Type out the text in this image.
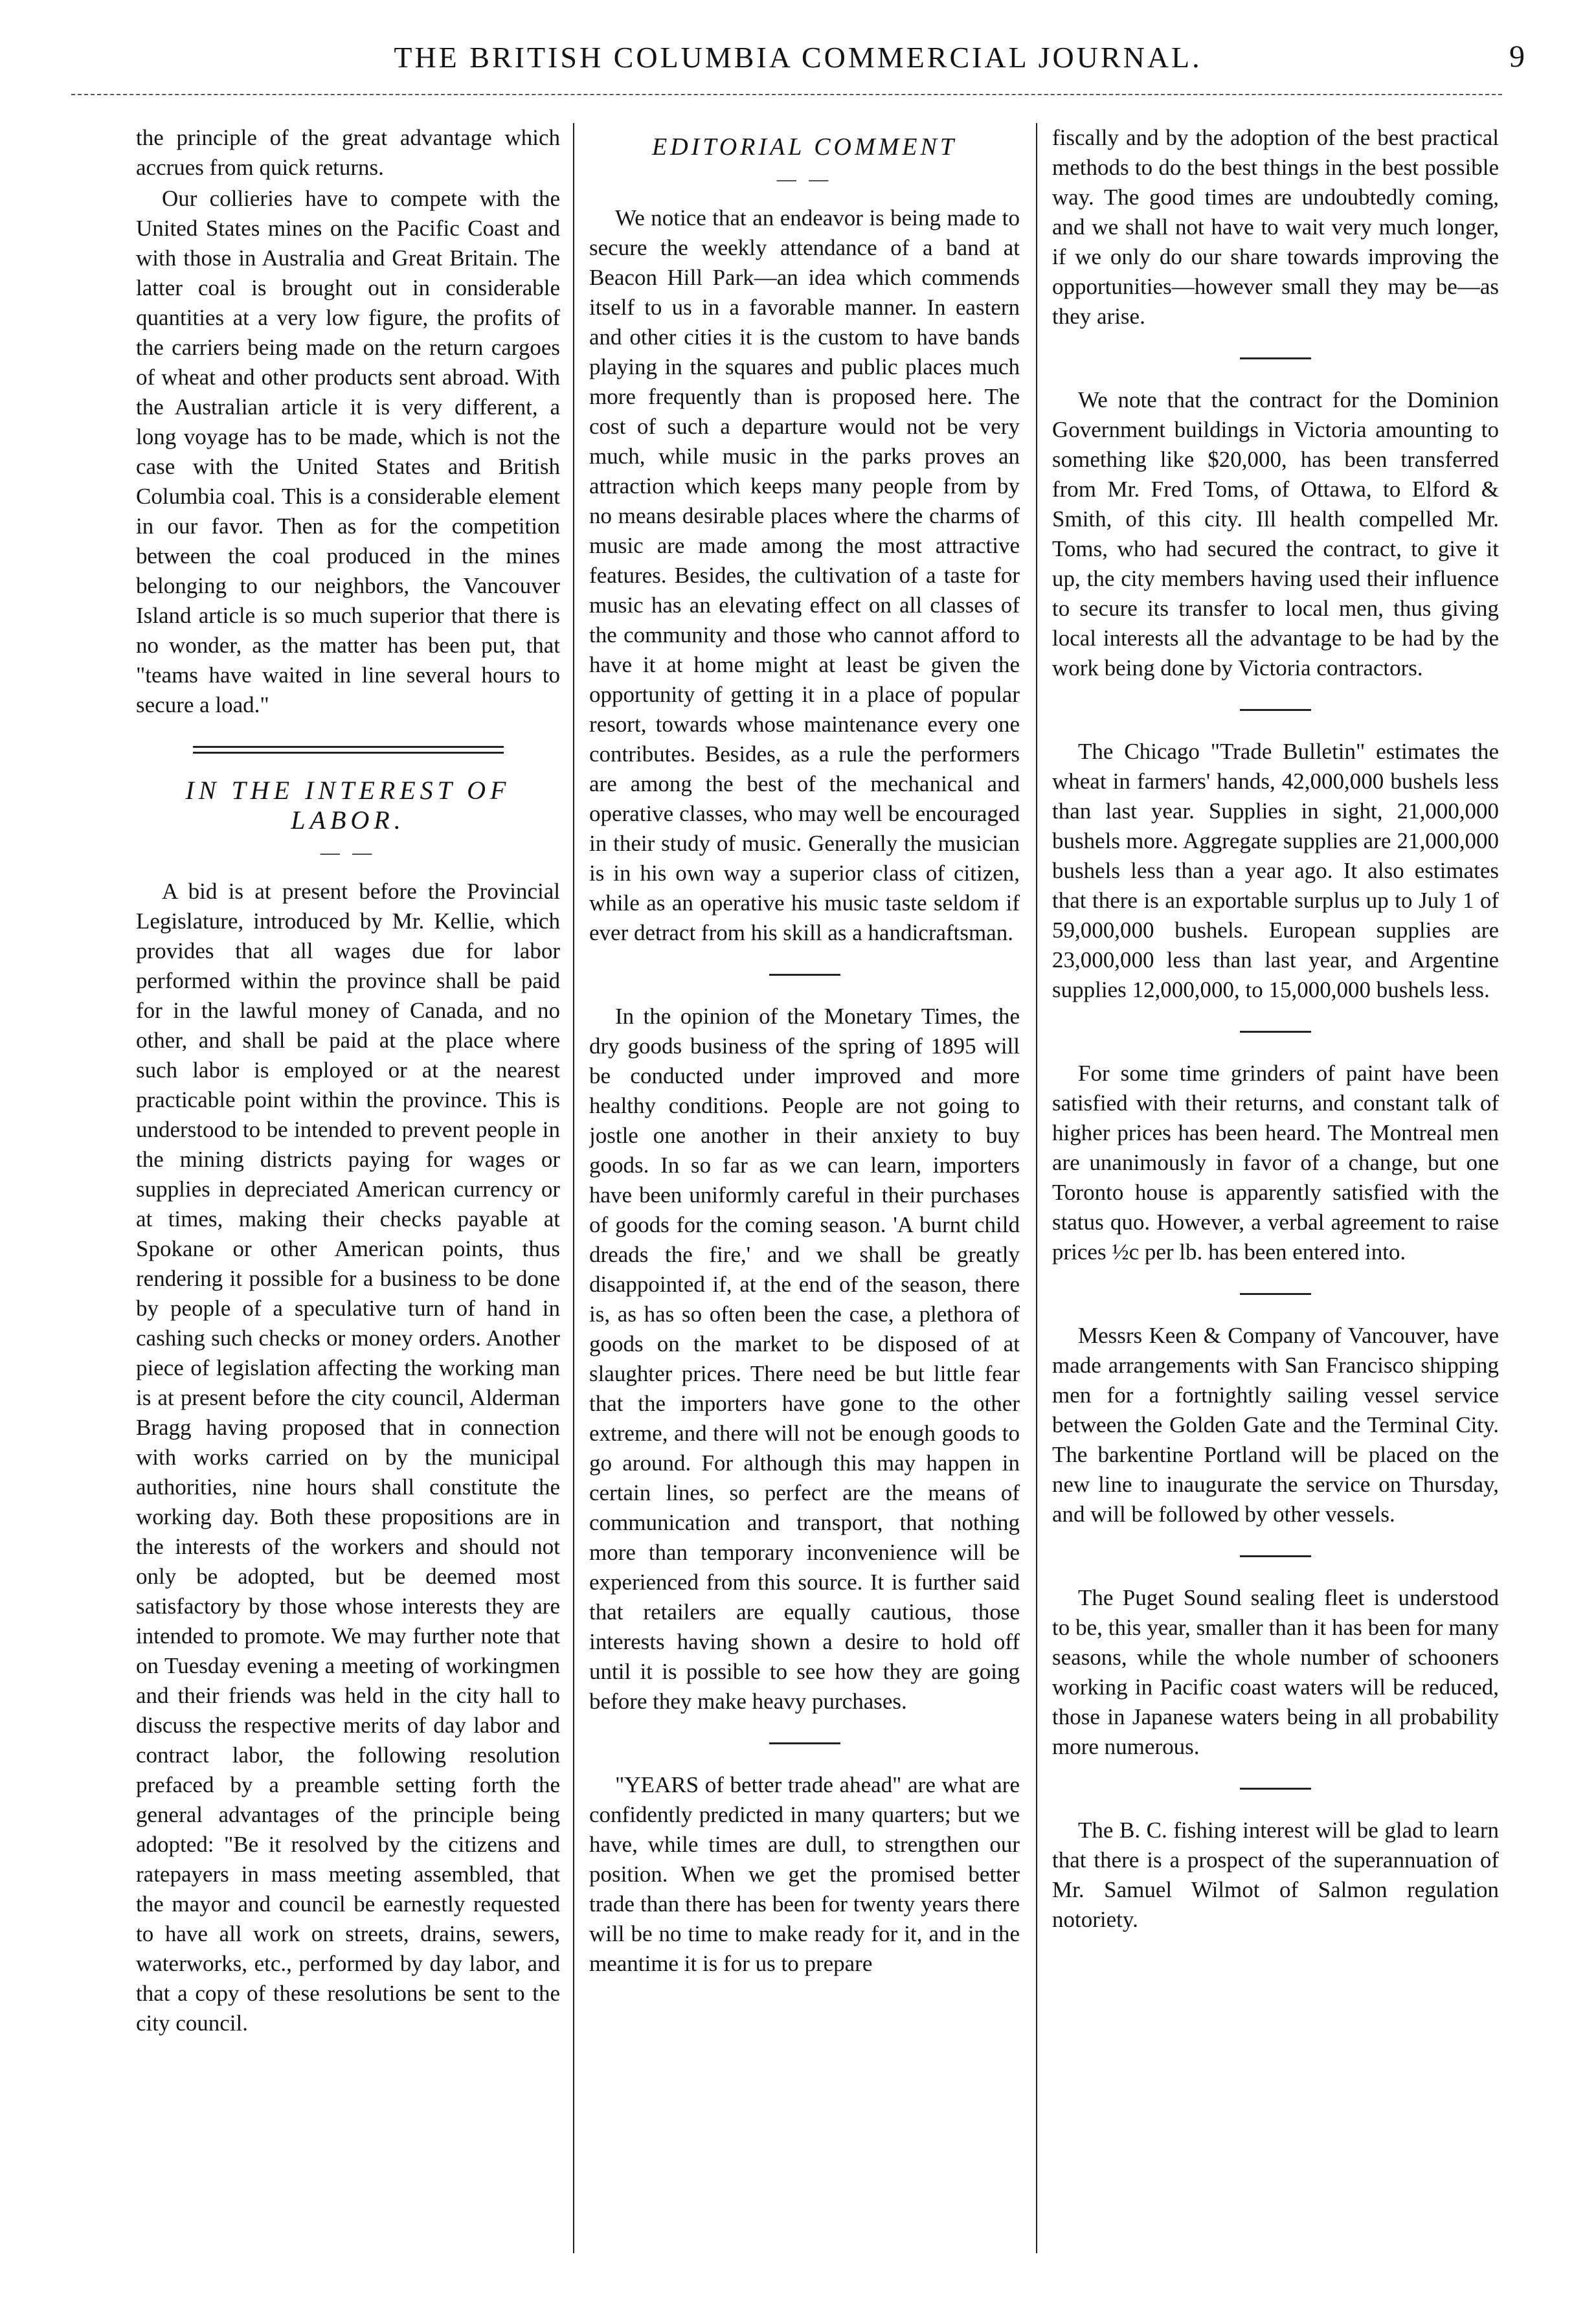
THE BRITISH COLUMBIA COMMERCIAL JOURNAL.	9

the principle of the great advantage which accrues from quick returns.

Our collieries have to compete with the United States mines on the Pacific Coast and with those in Australia and Great Britain. The latter coal is brought out in considerable quantities at a very low figure, the profits of the carriers being made on the return cargoes of wheat and other products sent abroad. With the Australian article it is very different, a long voyage has to be made, which is not the case with the United States and British Columbia coal. This is a considerable element in our favor. Then as for the competition between the coal produced in the mines belonging to our neighbors, the Vancouver Island article is so much superior that there is no wonder, as the matter has been put, that "teams have waited in line several hours to secure a load."

IN THE INTEREST OF LABOR.
— —

A bid is at present before the Provincial Legislature, introduced by Mr. Kellie, which provides that all wages due for labor performed within the province shall be paid for in the lawful money of Canada, and no other, and shall be paid at the place where such labor is employed or at the nearest practicable point within the province. This is understood to be intended to prevent people in the mining districts paying for wages or supplies in depreciated American currency or at times, making their checks payable at Spokane or other American points, thus rendering it possible for a business to be done by people of a speculative turn of hand in cashing such checks or money orders. Another piece of legislation affecting the working man is at present before the city council, Alderman Bragg having proposed that in connection with works carried on by the municipal authorities, nine hours shall constitute the working day. Both these propositions are in the interests of the workers and should not only be adopted, but be deemed most satisfactory by those whose interests they are intended to promote. We may further note that on Tuesday evening a meeting of workingmen and their friends was held in the city hall to discuss the respective merits of day labor and contract labor, the following resolution prefaced by a preamble setting forth the general advantages of the principle being adopted: "Be it resolved by the citizens and ratepayers in mass meeting assembled, that the mayor and council be earnestly requested to have all work on streets, drains, sewers, waterworks, etc., performed by day labor, and that a copy of these resolutions be sent to the city council.

EDITORIAL COMMENT
— —

We notice that an endeavor is being made to secure the weekly attendance of a band at Beacon Hill Park—an idea which commends itself to us in a favorable manner. In eastern and other cities it is the custom to have bands playing in the squares and public places much more frequently than is proposed here. The cost of such a departure would not be very much, while music in the parks proves an attraction which keeps many people from by no means desirable places where the charms of music are made among the most attractive features. Besides, the cultivation of a taste for music has an elevating effect on all classes of the community and those who cannot afford to have it at home might at least be given the opportunity of getting it in a place of popular resort, towards whose maintenance every one contributes. Besides, as a rule the performers are among the best of the mechanical and operative classes, who may well be encouraged in their study of music. Generally the musician is in his own way a superior class of citizen, while as an operative his music taste seldom if ever detract from his skill as a handicraftsman.

In the opinion of the Monetary Times, the dry goods business of the spring of 1895 will be conducted under improved and more healthy conditions. People are not going to jostle one another in their anxiety to buy goods. In so far as we can learn, importers have been uniformly careful in their purchases of goods for the coming season. 'A burnt child dreads the fire,' and we shall be greatly disappointed if, at the end of the season, there is, as has so often been the case, a plethora of goods on the market to be disposed of at slaughter prices. There need be but little fear that the importers have gone to the other extreme, and there will not be enough goods to go around. For although this may happen in certain lines, so perfect are the means of communication and transport, that nothing more than temporary inconvenience will be experienced from this source. It is further said that retailers are equally cautious, those interests having shown a desire to hold off until it is possible to see how they are going before they make heavy purchases.

"YEARS of better trade ahead" are what are confidently predicted in many quarters; but we have, while times are dull, to strengthen our position. When we get the promised better trade than there has been for twenty years there will be no time to make ready for it, and in the meantime it is for us to prepare

fiscally and by the adoption of the best practical methods to do the best things in the best possible way. The good times are undoubtedly coming, and we shall not have to wait very much longer, if we only do our share towards improving the opportunities—however small they may be—as they arise.

We note that the contract for the Dominion Government buildings in Victoria amounting to something like $20,000, has been transferred from Mr. Fred Toms, of Ottawa, to Elford & Smith, of this city. Ill health compelled Mr. Toms, who had secured the contract, to give it up, the city members having used their influence to secure its transfer to local men, thus giving local interests all the advantage to be had by the work being done by Victoria contractors.

The Chicago "Trade Bulletin" estimates the wheat in farmers' hands, 42,000,000 bushels less than last year. Supplies in sight, 21,000,000 bushels more. Aggregate supplies are 21,000,000 bushels less than a year ago. It also estimates that there is an exportable surplus up to July 1 of 59,000,000 bushels. European supplies are 23,000,000 less than last year, and Argentine supplies 12,000,000, to 15,000,000 bushels less.

For some time grinders of paint have been satisfied with their returns, and constant talk of higher prices has been heard. The Montreal men are unanimously in favor of a change, but one Toronto house is apparently satisfied with the status quo. However, a verbal agreement to raise prices ½c per lb. has been entered into.

Messrs Keen & Company of Vancouver, have made arrangements with San Francisco shipping men for a fortnightly sailing vessel service between the Golden Gate and the Terminal City. The barkentine Portland will be placed on the new line to inaugurate the service on Thursday, and will be followed by other vessels.

The Puget Sound sealing fleet is understood to be, this year, smaller than it has been for many seasons, while the whole number of schooners working in Pacific coast waters will be reduced, those in Japanese waters being in all probability more numerous.

The B. C. fishing interest will be glad to learn that there is a prospect of the superannuation of Mr. Samuel Wilmot of Salmon regulation notoriety.
